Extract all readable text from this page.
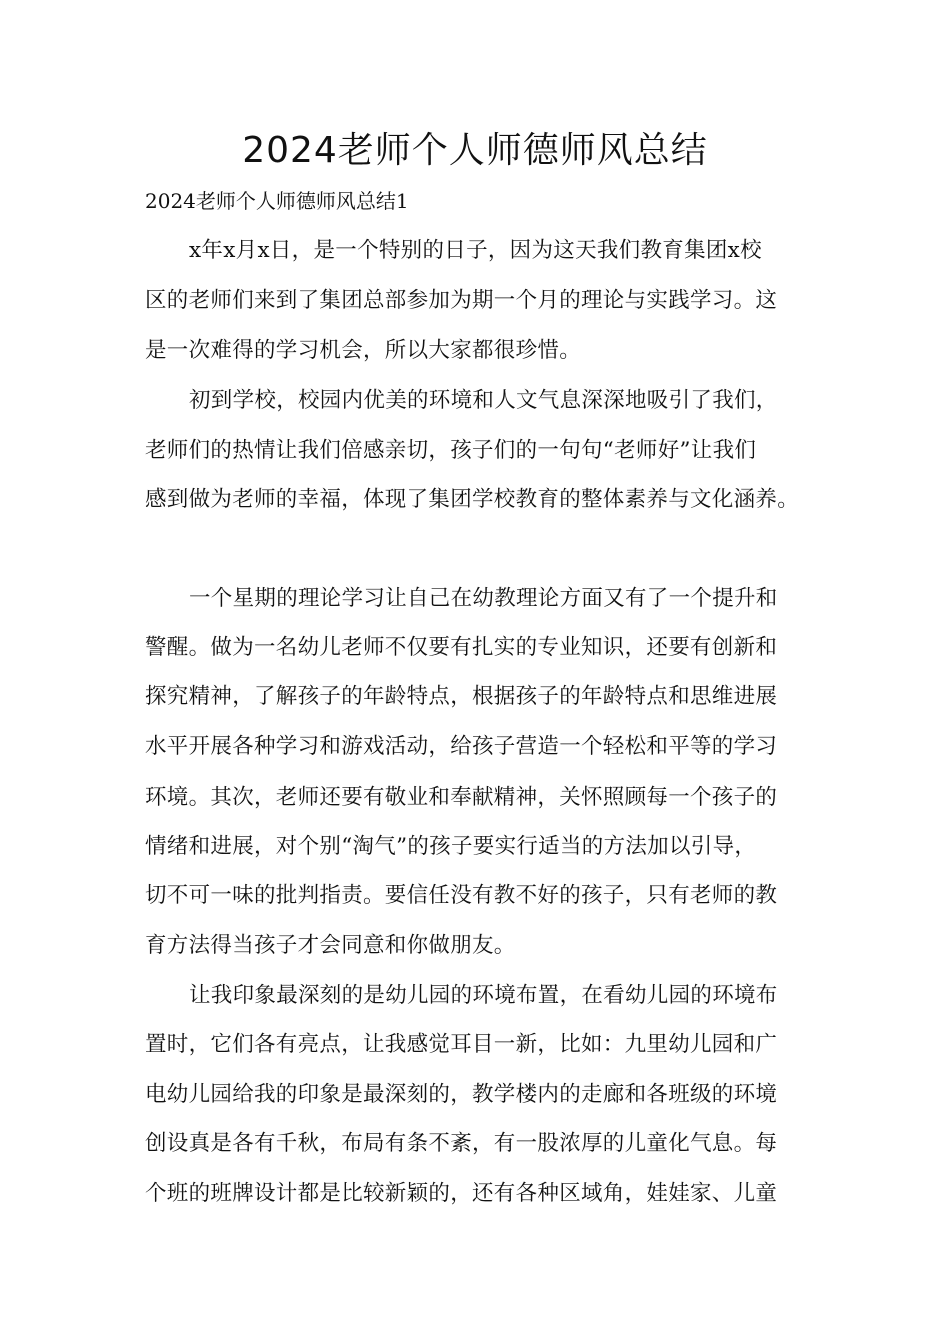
2024老师个人师德师风总结

2024老师个人师德师风总结1

x年x月x日，是一个特别的日子，因为这天我们教育集团x校

区的老师们来到了集团总部参加为期一个月的理论与实践学习。这

是一次难得的学习机会，所以大家都很珍惜。

初到学校，校园内优美的环境和人文气息深深地吸引了我们，

老师们的热情让我们倍感亲切，孩子们的一句句“老师好”让我们

感到做为老师的幸福，体现了集团学校教育的整体素养与文化涵养。

一个星期的理论学习让自己在幼教理论方面又有了一个提升和

警醒。做为一名幼儿老师不仅要有扎实的专业知识，还要有创新和

探究精神，了解孩子的年龄特点，根据孩子的年龄特点和思维进展

水平开展各种学习和游戏活动，给孩子营造一个轻松和平等的学习

环境。其次，老师还要有敬业和奉献精神，关怀照顾每一个孩子的

情绪和进展，对个别“淘气”的孩子要实行适当的方法加以引导，

切不可一味的批判指责。要信任没有教不好的孩子，只有老师的教

育方法得当孩子才会同意和你做朋友。

让我印象最深刻的是幼儿园的环境布置，在看幼儿园的环境布

置时，它们各有亮点，让我感觉耳目一新，比如：九里幼儿园和广

电幼儿园给我的印象是最深刻的，教学楼内的走廊和各班级的环境

创设真是各有千秋，布局有条不紊，有一股浓厚的儿童化气息。每

个班的班牌设计都是比较新颖的，还有各种区域角，娃娃家、儿童
